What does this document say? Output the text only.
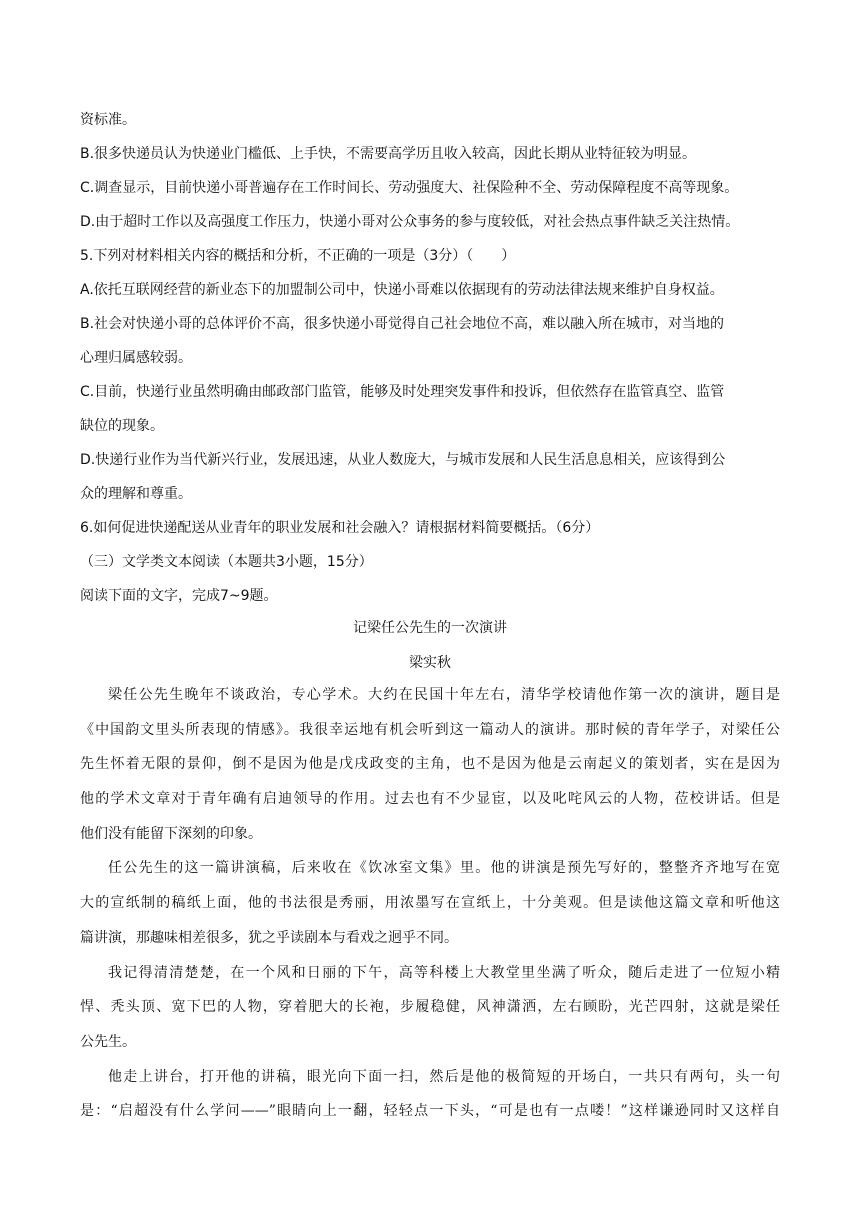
资标准。
B.很多快递员认为快递业门槛低、上手快，不需要高学历且收入较高，因此长期从业特征较为明显。
C.调查显示，目前快递小哥普遍存在工作时间长、劳动强度大、社保险种不全、劳动保障程度不高等现象。
D.由于超时工作以及高强度工作压力，快递小哥对公众事务的参与度较低，对社会热点事件缺乏关注热情。
5.下列对材料相关内容的概括和分析，不正确的一项是（3分）（　　）
A.依托互联网经营的新业态下的加盟制公司中，快递小哥难以依据现有的劳动法律法规来维护自身权益。
B.社会对快递小哥的总体评价不高，很多快递小哥觉得自己社会地位不高，难以融入所在城市，对当地的
心理归属感较弱。
C.目前，快递行业虽然明确由邮政部门监管，能够及时处理突发事件和投诉，但依然存在监管真空、监管
缺位的现象。
D.快递行业作为当代新兴行业，发展迅速，从业人数庞大，与城市发展和人民生活息息相关，应该得到公
众的理解和尊重。
6.如何促进快递配送从业青年的职业发展和社会融入？请根据材料简要概括。（6分）
（三）文学类文本阅读（本题共3小题，15分）
阅读下面的文字，完成7~9题。
记梁任公先生的一次演讲
梁实秋
梁任公先生晚年不谈政治，专心学术。大约在民国十年左右，清华学校请他作第一次的演讲，题目是
《中国韵文里头所表现的情感》。我很幸运地有机会听到这一篇动人的演讲。那时候的青年学子，对梁任公
先生怀着无限的景仰，倒不是因为他是戊戌政变的主角，也不是因为他是云南起义的策划者，实在是因为
他的学术文章对于青年确有启迪领导的作用。过去也有不少显宦，以及叱咤风云的人物，莅校讲话。但是
他们没有能留下深刻的印象。
任公先生的这一篇讲演稿，后来收在《饮冰室文集》里。他的讲演是预先写好的，整整齐齐地写在宽
大的宣纸制的稿纸上面，他的书法很是秀丽，用浓墨写在宣纸上，十分美观。但是读他这篇文章和听他这
篇讲演，那趣味相差很多，犹之乎读剧本与看戏之迥乎不同。
我记得清清楚楚，在一个风和日丽的下午，高等科楼上大教堂里坐满了听众，随后走进了一位短小精
悍、秃头顶、宽下巴的人物，穿着肥大的长袍，步履稳健，风神潇洒，左右顾盼，光芒四射，这就是梁任
公先生。
他走上讲台，打开他的讲稿，眼光向下面一扫，然后是他的极简短的开场白，一共只有两句，头一句
是：“启超没有什么学问——”眼睛向上一翻，轻轻点一下头，“可是也有一点喽！”这样谦逊同时又这样自
